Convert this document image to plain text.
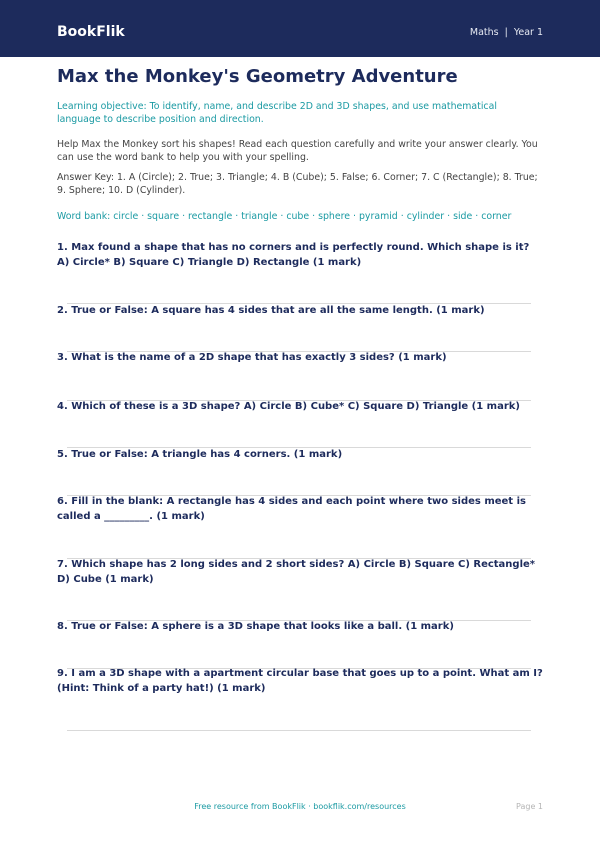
BookFlik	Maths | Year 1
Max the Monkey's Geometry Adventure

Learning objective: To identify, name, and describe 2D and 3D shapes, and use mathematical language to describe position and direction.

Help Max the Monkey sort his shapes! Read each question carefully and write your answer clearly. You can use the word bank to help you with your spelling.

Answer Key: 1. A (Circle); 2. True; 3. Triangle; 4. B (Cube); 5. False; 6. Corner; 7. C (Rectangle); 8. True; 9. Sphere; 10. D (Cylinder).

Word bank: circle · square · rectangle · triangle · cube · sphere · pyramid · cylinder · side · corner

1. Max found a shape that has no corners and is perfectly round. Which shape is it? A) Circle* B) Square C) Triangle D) Rectangle (1 mark)

2. True or False: A square has 4 sides that are all the same length. (1 mark)

3. What is the name of a 2D shape that has exactly 3 sides? (1 mark)

4. Which of these is a 3D shape? A) Circle B) Cube* C) Square D) Triangle (1 mark)

5. True or False: A triangle has 4 corners. (1 mark)

6. Fill in the blank: A rectangle has 4 sides and each point where two sides meet is called a _________. (1 mark)

7. Which shape has 2 long sides and 2 short sides? A) Circle B) Square C) Rectangle* D) Cube (1 mark)

8. True or False: A sphere is a 3D shape that looks like a ball. (1 mark)

9. I am a 3D shape with a apartment circular base that goes up to a point. What am I? (Hint: Think of a party hat!) (1 mark)

Free resource from BookFlik · bookflik.com/resources	Page 1
